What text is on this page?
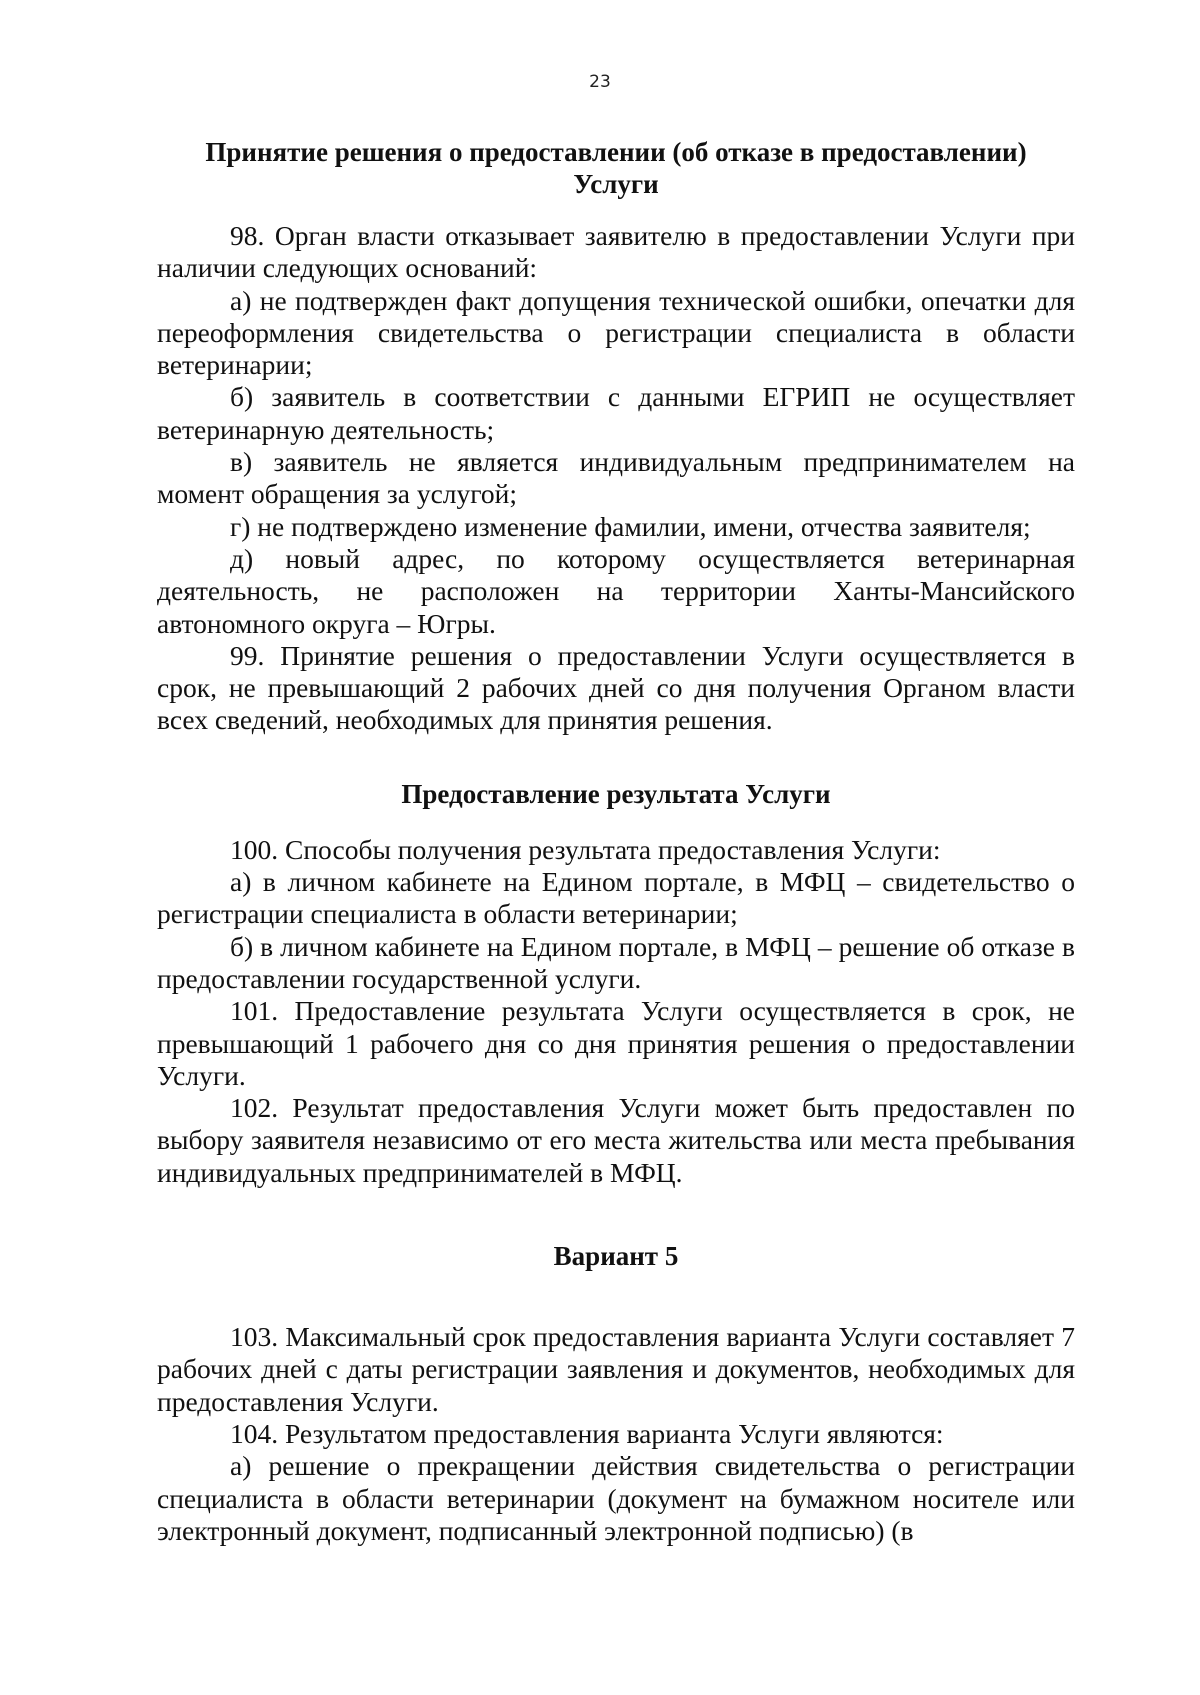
23
Принятие решения о предоставлении (об отказе в предоставлении)
Услуги

98. Орган власти отказывает заявителю в предоставлении Услуги при наличии следующих оснований:

а) не подтвержден факт допущения технической ошибки, опечатки для переоформления свидетельства о регистрации специалиста в области ветеринарии;

б) заявитель в соответствии с данными ЕГРИП не осуществляет ветеринарную деятельность;

в) заявитель не является индивидуальным предпринимателем на момент обращения за услугой;

г) не подтверждено изменение фамилии, имени, отчества заявителя;

д) новый адрес, по которому осуществляется ветеринарная деятельность, не расположен на территории Ханты-Мансийского автономного округа – Югры.

99. Принятие решения о предоставлении Услуги осуществляется в срок, не превышающий 2 рабочих дней со дня получения Органом власти всех сведений, необходимых для принятия решения.

Предоставление результата Услуги

100. Способы получения результата предоставления Услуги:

а) в личном кабинете на Едином портале, в МФЦ – свидетельство о регистрации специалиста в области ветеринарии;

б) в личном кабинете на Едином портале, в МФЦ – решение об отказе в предоставлении государственной услуги.

101. Предоставление результата Услуги осуществляется в срок, не превышающий 1 рабочего дня со дня принятия решения о предоставлении Услуги.

102. Результат предоставления Услуги может быть предоставлен по выбору заявителя независимо от его места жительства или места пребывания индивидуальных предпринимателей в МФЦ.

Вариант 5

103. Максимальный срок предоставления варианта Услуги составляет 7 рабочих дней с даты регистрации заявления и документов, необходимых для предоставления Услуги.

104. Результатом предоставления варианта Услуги являются:

а) решение о прекращении действия свидетельства о регистрации специалиста в области ветеринарии (документ на бумажном носителе или электронный документ, подписанный электронной подписью) (в
